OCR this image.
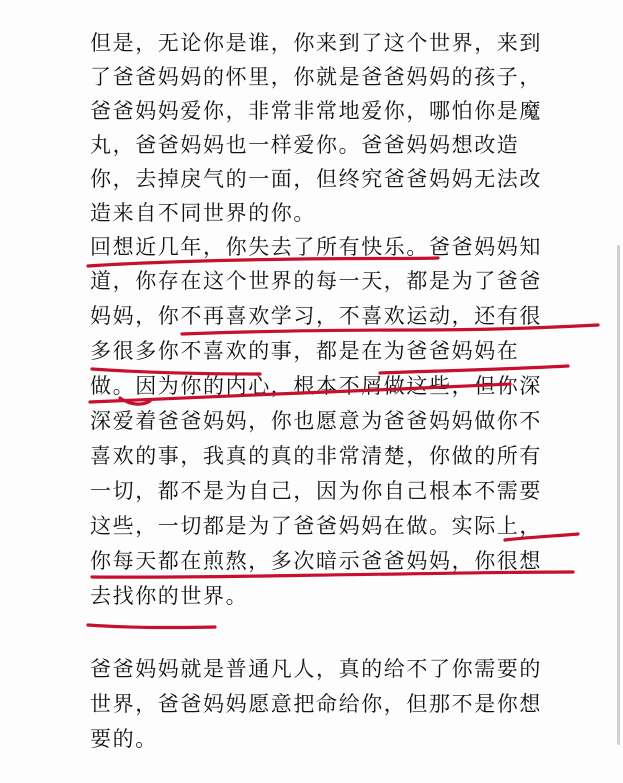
但是，无论你是谁，你来到了这个世界，来到
了爸爸妈妈的怀里，你就是爸爸妈妈的孩子，
爸爸妈妈爱你，非常非常地爱你，哪怕你是魔
丸，爸爸妈妈也一样爱你。爸爸妈妈想改造
你，去掉戾气的一面，但终究爸爸妈妈无法改
造来自不同世界的你。
回想近几年，你失去了所有快乐。爸爸妈妈知
道，你存在这个世界的每一天，都是为了爸爸
妈妈，你不再喜欢学习，不喜欢运动，还有很
多很多你不喜欢的事，都是在为爸爸妈妈在
做。因为你的内心，根本不屑做这些，但你深
深爱着爸爸妈妈，你也愿意为爸爸妈妈做你不
喜欢的事，我真的真的非常清楚，你做的所有
一切，都不是为自己，因为你自己根本不需要
这些，一切都是为了爸爸妈妈在做。实际上，
你每天都在煎熬，多次暗示爸爸妈妈，你很想
去找你的世界。
爸爸妈妈就是普通凡人，真的给不了你需要的
世界，爸爸妈妈愿意把命给你，但那不是你想
要的。
